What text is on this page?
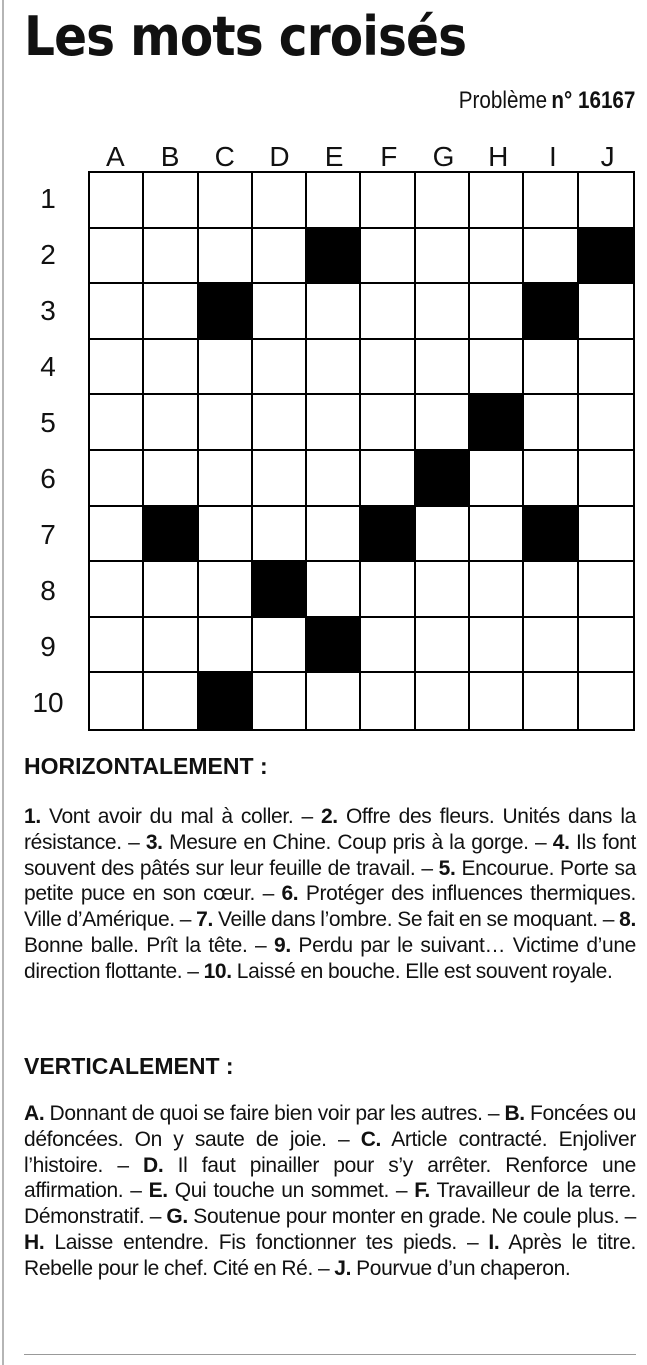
Les mots croisés
Problème n° 16167
A	B	C	D	E	F	G	H	I	J
1
2
3
4
5
6
7
8
9
10
HORIZONTALEMENT :

1. Vont avoir du mal à coller. – 2. Offre des fleurs. Unités dans la résistance. – 3. Mesure en Chine. Coup pris à la gorge. – 4. Ils font souvent des pâtés sur leur feuille de travail. – 5. Encourue. Porte sa petite puce en son cœur. – 6. Protéger des influences thermiques. Ville d’Amérique. – 7. Veille dans l’ombre. Se fait en se moquant. – 8. Bonne balle. Prît la tête. – 9. Perdu par le suivant… Victime d’une direction flottante. – 10. Laissé en bouche. Elle est souvent royale.

VERTICALEMENT :

A. Donnant de quoi se faire bien voir par les autres. – B. Foncées ou défoncées. On y saute de joie. – C. Article contracté. Enjoliver l’histoire. – D. Il faut pinailler pour s’y arrêter. Renforce une affirmation. – E. Qui touche un sommet. – F. Travailleur de la terre. Démonstratif. – G. Soutenue pour monter en grade. Ne coule plus. – H. Laisse entendre. Fis fonctionner tes pieds. – I. Après le titre. Rebelle pour le chef. Cité en Ré. – J. Pourvue d’un chaperon.
